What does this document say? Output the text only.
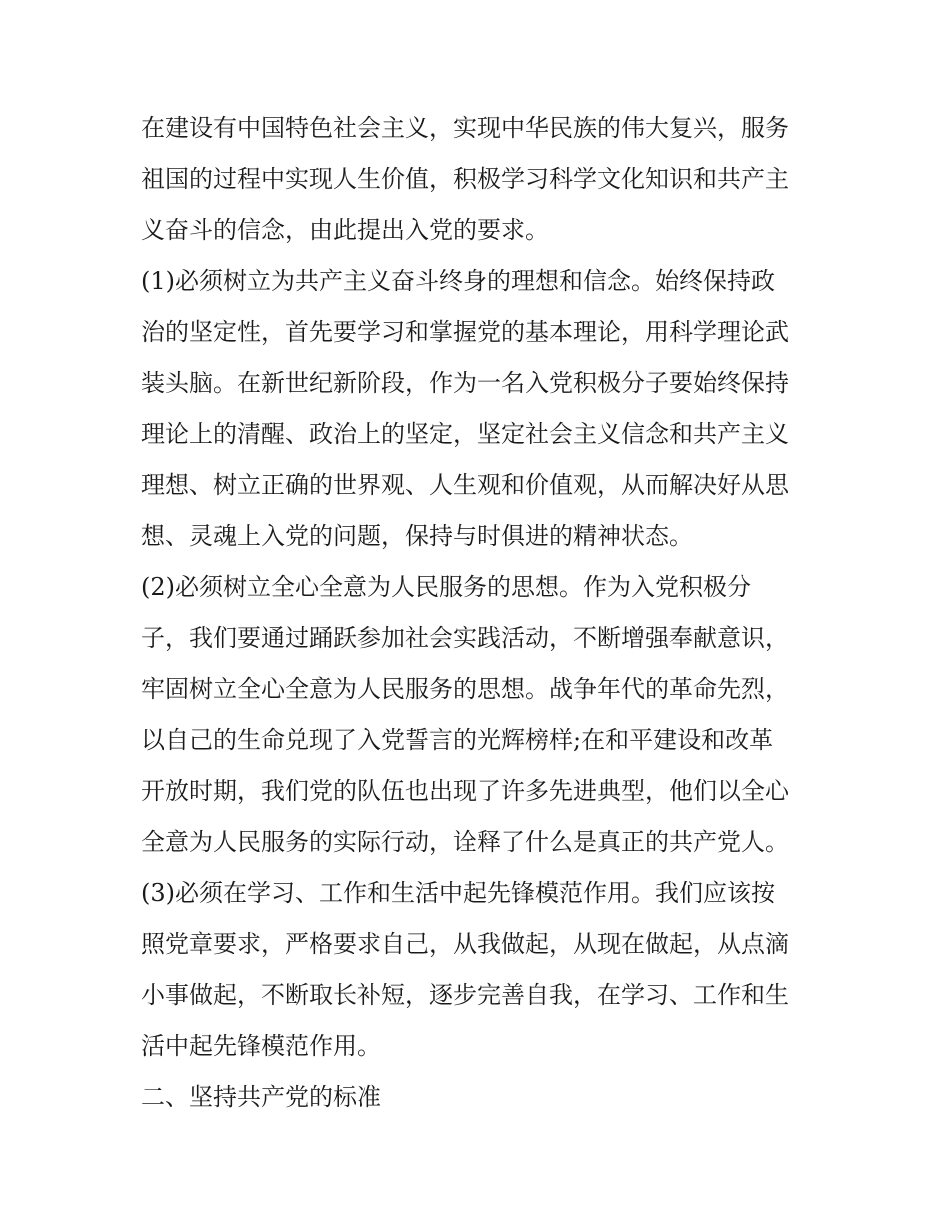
在建设有中国特色社会主义，实现中华民族的伟大复兴，服务
祖国的过程中实现人生价值，积极学习科学文化知识和共产主
义奋斗的信念，由此提出入党的要求。
(1)必须树立为共产主义奋斗终身的理想和信念。始终保持政
治的坚定性，首先要学习和掌握党的基本理论，用科学理论武
装头脑。在新世纪新阶段，作为一名入党积极分子要始终保持
理论上的清醒、政治上的坚定，坚定社会主义信念和共产主义
理想、树立正确的世界观、人生观和价值观，从而解决好从思
想、灵魂上入党的问题，保持与时俱进的精神状态。
(2)必须树立全心全意为人民服务的思想。作为入党积极分
子，我们要通过踊跃参加社会实践活动，不断增强奉献意识，
牢固树立全心全意为人民服务的思想。战争年代的革命先烈，
以自己的生命兑现了入党誓言的光辉榜样;在和平建设和改革
开放时期，我们党的队伍也出现了许多先进典型，他们以全心
全意为人民服务的实际行动，诠释了什么是真正的共产党人。
(3)必须在学习、工作和生活中起先锋模范作用。我们应该按
照党章要求，严格要求自己，从我做起，从现在做起，从点滴
小事做起，不断取长补短，逐步完善自我，在学习、工作和生
活中起先锋模范作用。
二、坚持共产党的标准
